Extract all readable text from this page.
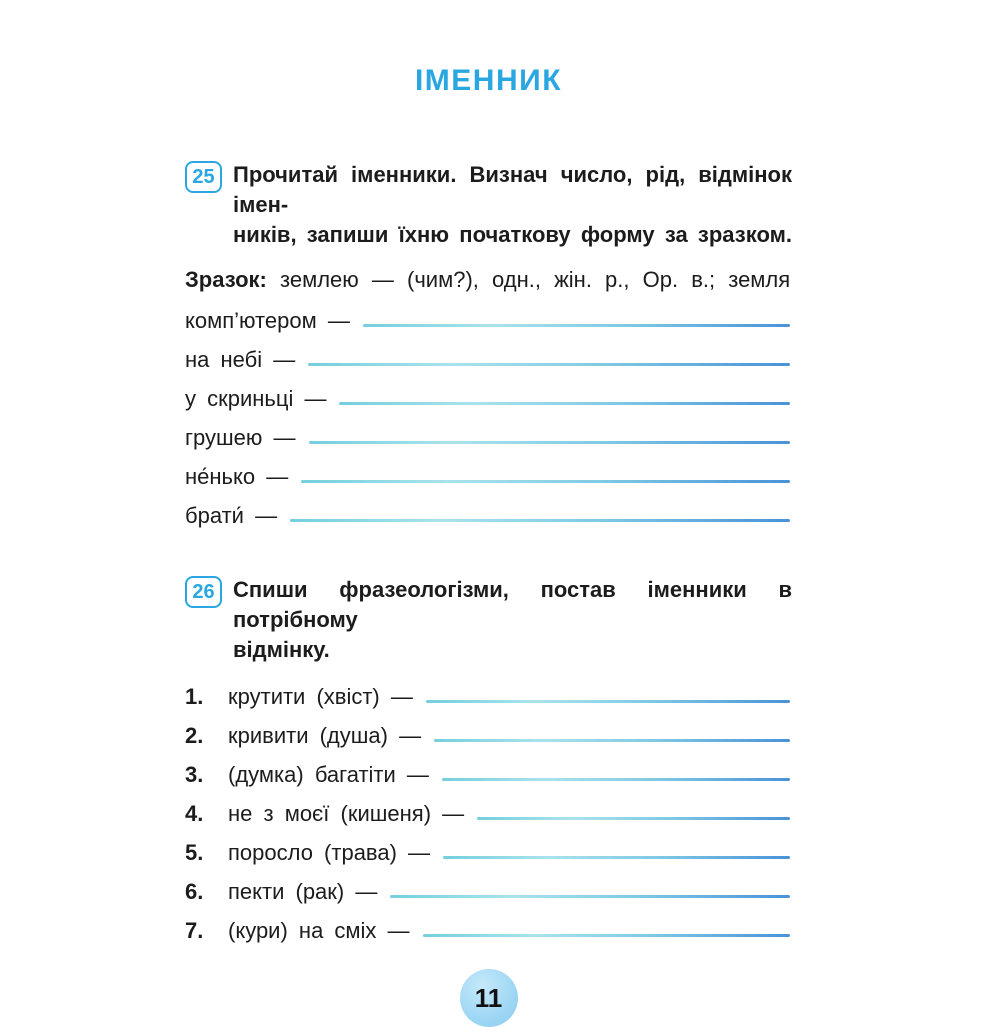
ІМЕННИК
25 Прочитай іменники. Визнач число, рід, відмінок імен-
ників, запиши їхню початкову форму за зразком.
Зразок: землею — (чим?), одн., жін. р., Ор. в.; земля
комп’ютером —
на небі —
у скриньці —
грушею —
не́нько —
брати́ —
26 Спиши фразеологізми, постав іменники в потрібному
відмінку.
1.	крутити (хвіст) —
2.	кривити (душа) —
3.	(думка) багатіти —
4.	не з моєї (кишеня) —
5.	поросло (трава) —
6.	пекти (рак) —
7.	(кури) на сміх —
11
